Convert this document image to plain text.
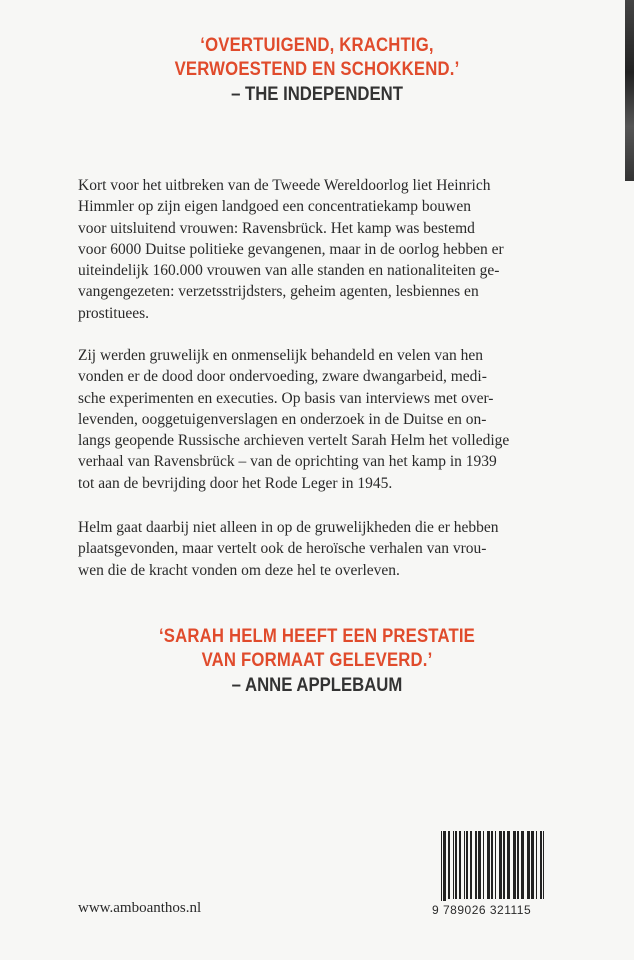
‘OVERTUIGEND, KRACHTIG,
VERWOESTEND EN SCHOKKEND.’
– THE INDEPENDENT

Kort voor het uitbreken van de Tweede Wereldoorlog liet Heinrich

Himmler op zijn eigen landgoed een concentratiekamp bouwen

voor uitsluitend vrouwen: Ravensbrück. Het kamp was bestemd

voor 6000 Duitse politieke gevangenen, maar in de oorlog hebben er

uiteindelijk 160.000 vrouwen van alle standen en nationaliteiten ge-

vangengezeten: verzetsstrijdsters, geheim agenten, lesbiennes en

prostituees.

Zij werden gruwelijk en onmenselijk behandeld en velen van hen

vonden er de dood door ondervoeding, zware dwangarbeid, medi-

sche experimenten en executies. Op basis van interviews met over-

levenden, ooggetuigenverslagen en onderzoek in de Duitse en on-

langs geopende Russische archieven vertelt Sarah Helm het volledige

verhaal van Ravensbrück – van de oprichting van het kamp in 1939

tot aan de bevrijding door het Rode Leger in 1945.

Helm gaat daarbij niet alleen in op de gruwelijkheden die er hebben

plaatsgevonden, maar vertelt ook de heroïsche verhalen van vrou-

wen die de kracht vonden om deze hel te overleven.

‘SARAH HELM HEEFT EEN PRESTATIE
VAN FORMAAT GELEVERD.’
– ANNE APPLEBAUM
www.amboanthos.nl	9 789026 321115
